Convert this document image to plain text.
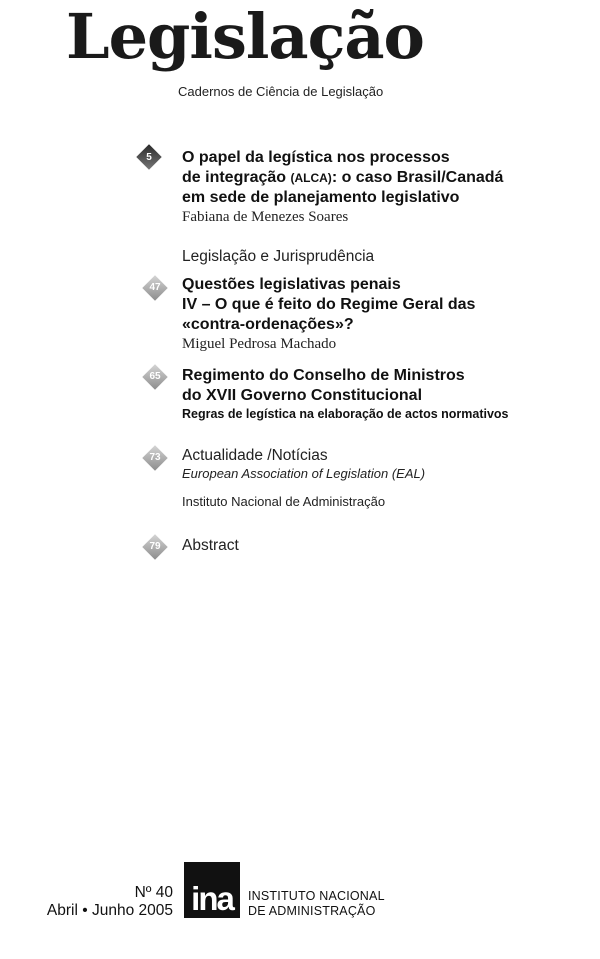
Legislação
Cadernos de Ciência de Legislação
5	O papel da legística nos processos
de integração (ALCA): o caso Brasil/Canadá
em sede de planejamento legislativo
Fabiana de Menezes Soares
Legislação e Jurisprudência
47	Questões legislativas penais
IV – O que é feito do Regime Geral das
«contra-ordenações»?
Miguel Pedrosa Machado
65	Regimento do Conselho de Ministros
do XVII Governo Constitucional
Regras de legística na elaboração de actos normativos
73	Actualidade /Notícias
European Association of Legislation (EAL)
Instituto Nacional de Administração
79	Abstract
Nº 40
Abril • Junho 2005 ina	INSTITUTO NACIONAL
DE ADMINISTRAÇÃO
